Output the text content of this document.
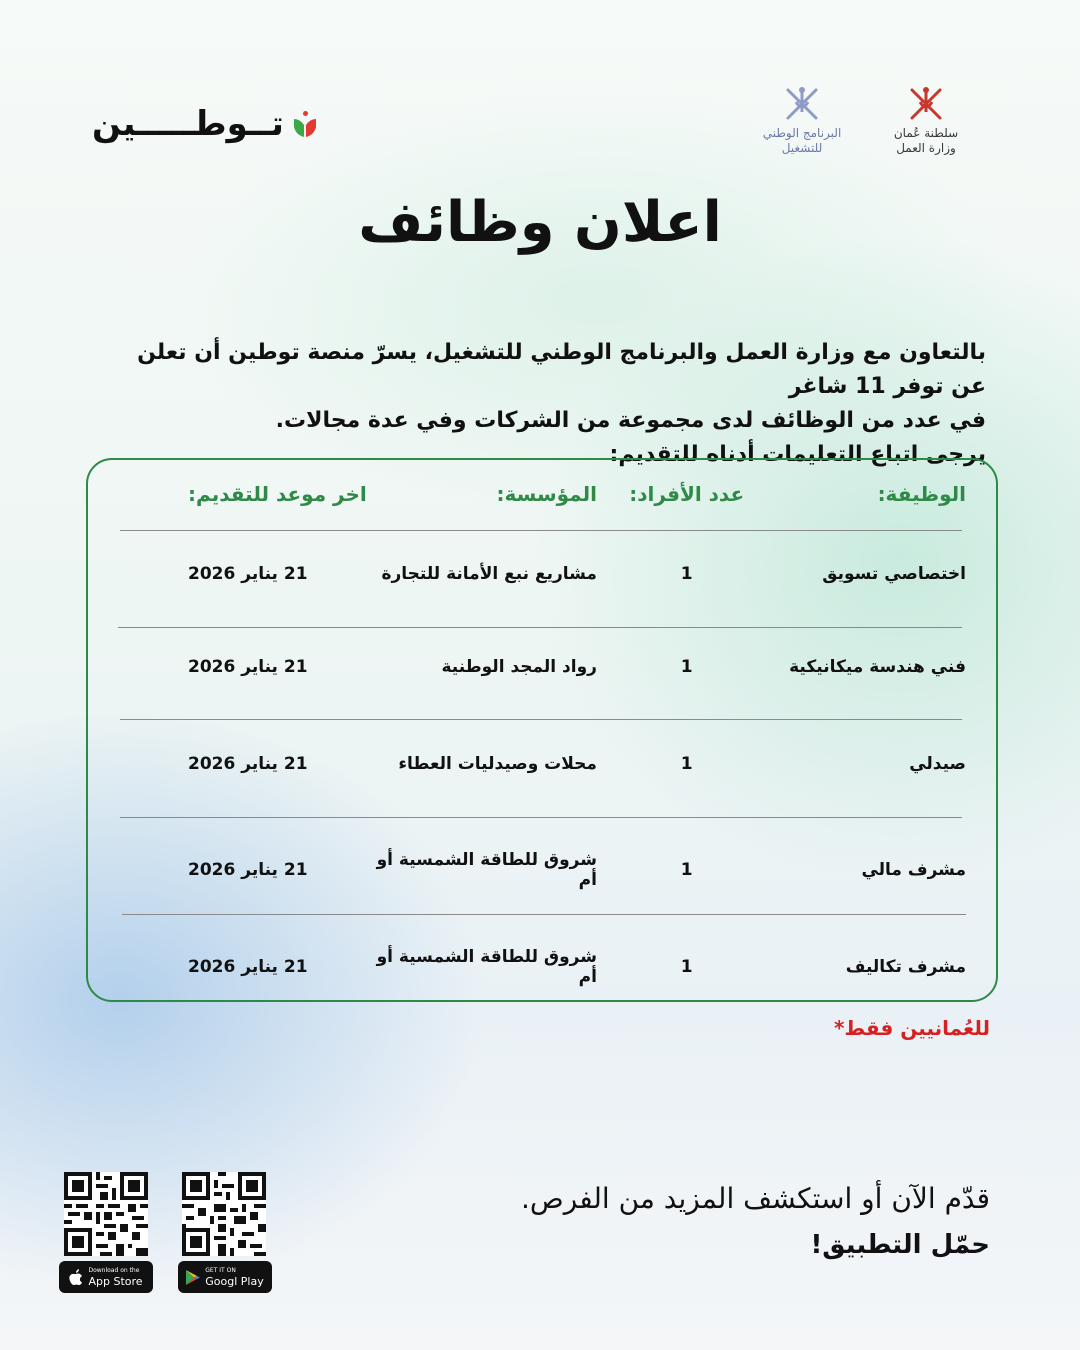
تــوطـــــين	سلطنة عُمان
وزارة العمل
البرنامج الوطني
للتشغيل
اعلان وظائف

بالتعاون مع وزارة العمل والبرنامج الوطني للتشغيل، يسرّ منصة توطين أن تعلن عن توفر 11 شاغر

في عدد من الوظائف لدى مجموعة من الشركات وفي عدة مجالات.

يرجى اتباع التعليمات أدناه للتقديم:

الوظيفة:
عدد الأفراد:
المؤسسة:
اخر موعد للتقديم:
اختصاصي تسويق
1
مشاريع نبع الأمانة للتجارة
21 يناير 2026
فني هندسة ميكانيكية
1
رواد المجد الوطنية
21 يناير 2026
صيدلي
1
محلات وصيدليات العطاء
21 يناير 2026
مشرف مالي
1
شروق للطاقة الشمسية أو أم
21 يناير 2026
مشرف تكاليف
1
شروق للطاقة الشمسية أو أم
21 يناير 2026
للعُمانيين فقط*
قدّم الآن أو استكشف المزيد من الفرص.
حمّل التطبيق!
Download on the
App Store
GET IT ON
Googl Play
